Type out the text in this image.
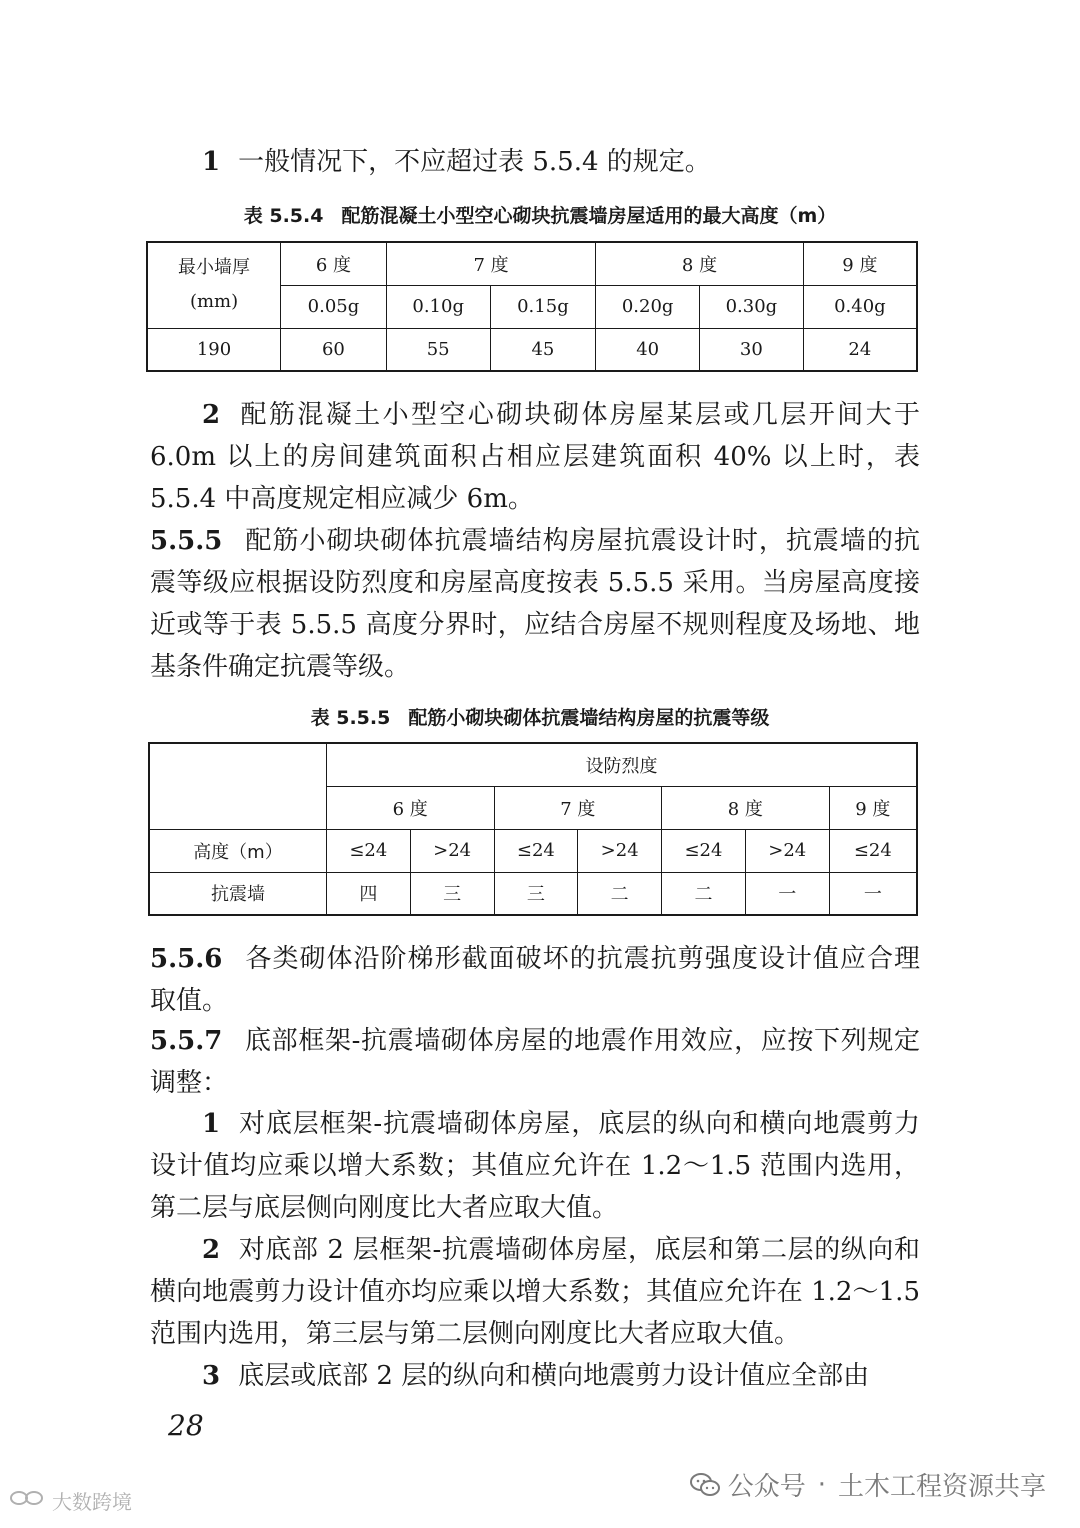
1 一般情况下，不应超过表 5.5.4 的规定。

表 5.5.4 配筋混凝土小型空心砌块抗震墙房屋适用的最大高度（m）

最小墙厚
(mm)	6 度	7 度		8 度		9 度
	0.05g	0.10g	0.15g	0.20g	0.30g	0.40g
190	60	55	45	40	30	24

2 配筋混凝土小型空心砌块砌体房屋某层或几层开间大于 6.0m 以上的房间建筑面积占相应层建筑面积 40% 以上时，表 5.5.4 中高度规定相应减少 6m。

5.5.5 配筋小砌块砌体抗震墙结构房屋抗震设计时，抗震墙的抗震等级应根据设防烈度和房屋高度按表 5.5.5 采用。当房屋高度接近或等于表 5.5.5 高度分界时，应结合房屋不规则程度及场地、地基条件确定抗震等级。

表 5.5.5 配筋小砌块砌体抗震墙结构房屋的抗震等级

	设防烈度						
	6 度		7 度		8 度		9 度
高度（m）	≤24	>24	≤24	>24	≤24	>24	≤24
抗震墙	四	三	三	二	二	一	一

5.5.6 各类砌体沿阶梯形截面破坏的抗震抗剪强度设计值应合理取值。

5.5.7 底部框架-抗震墙砌体房屋的地震作用效应，应按下列规定调整：

1 对底层框架-抗震墙砌体房屋，底层的纵向和横向地震剪力设计值均应乘以增大系数；其值应允许在 1.2～1.5 范围内选用，第二层与底层侧向刚度比大者应取大值。

2 对底部 2 层框架-抗震墙砌体房屋，底层和第二层的纵向和横向地震剪力设计值亦均应乘以增大系数；其值应允许在 1.2～1.5 范围内选用，第三层与第二层侧向刚度比大者应取大值。

3 底层或底部 2 层的纵向和横向地震剪力设计值应全部由

28

大数跨境	公众号 · 土木工程资源共享
